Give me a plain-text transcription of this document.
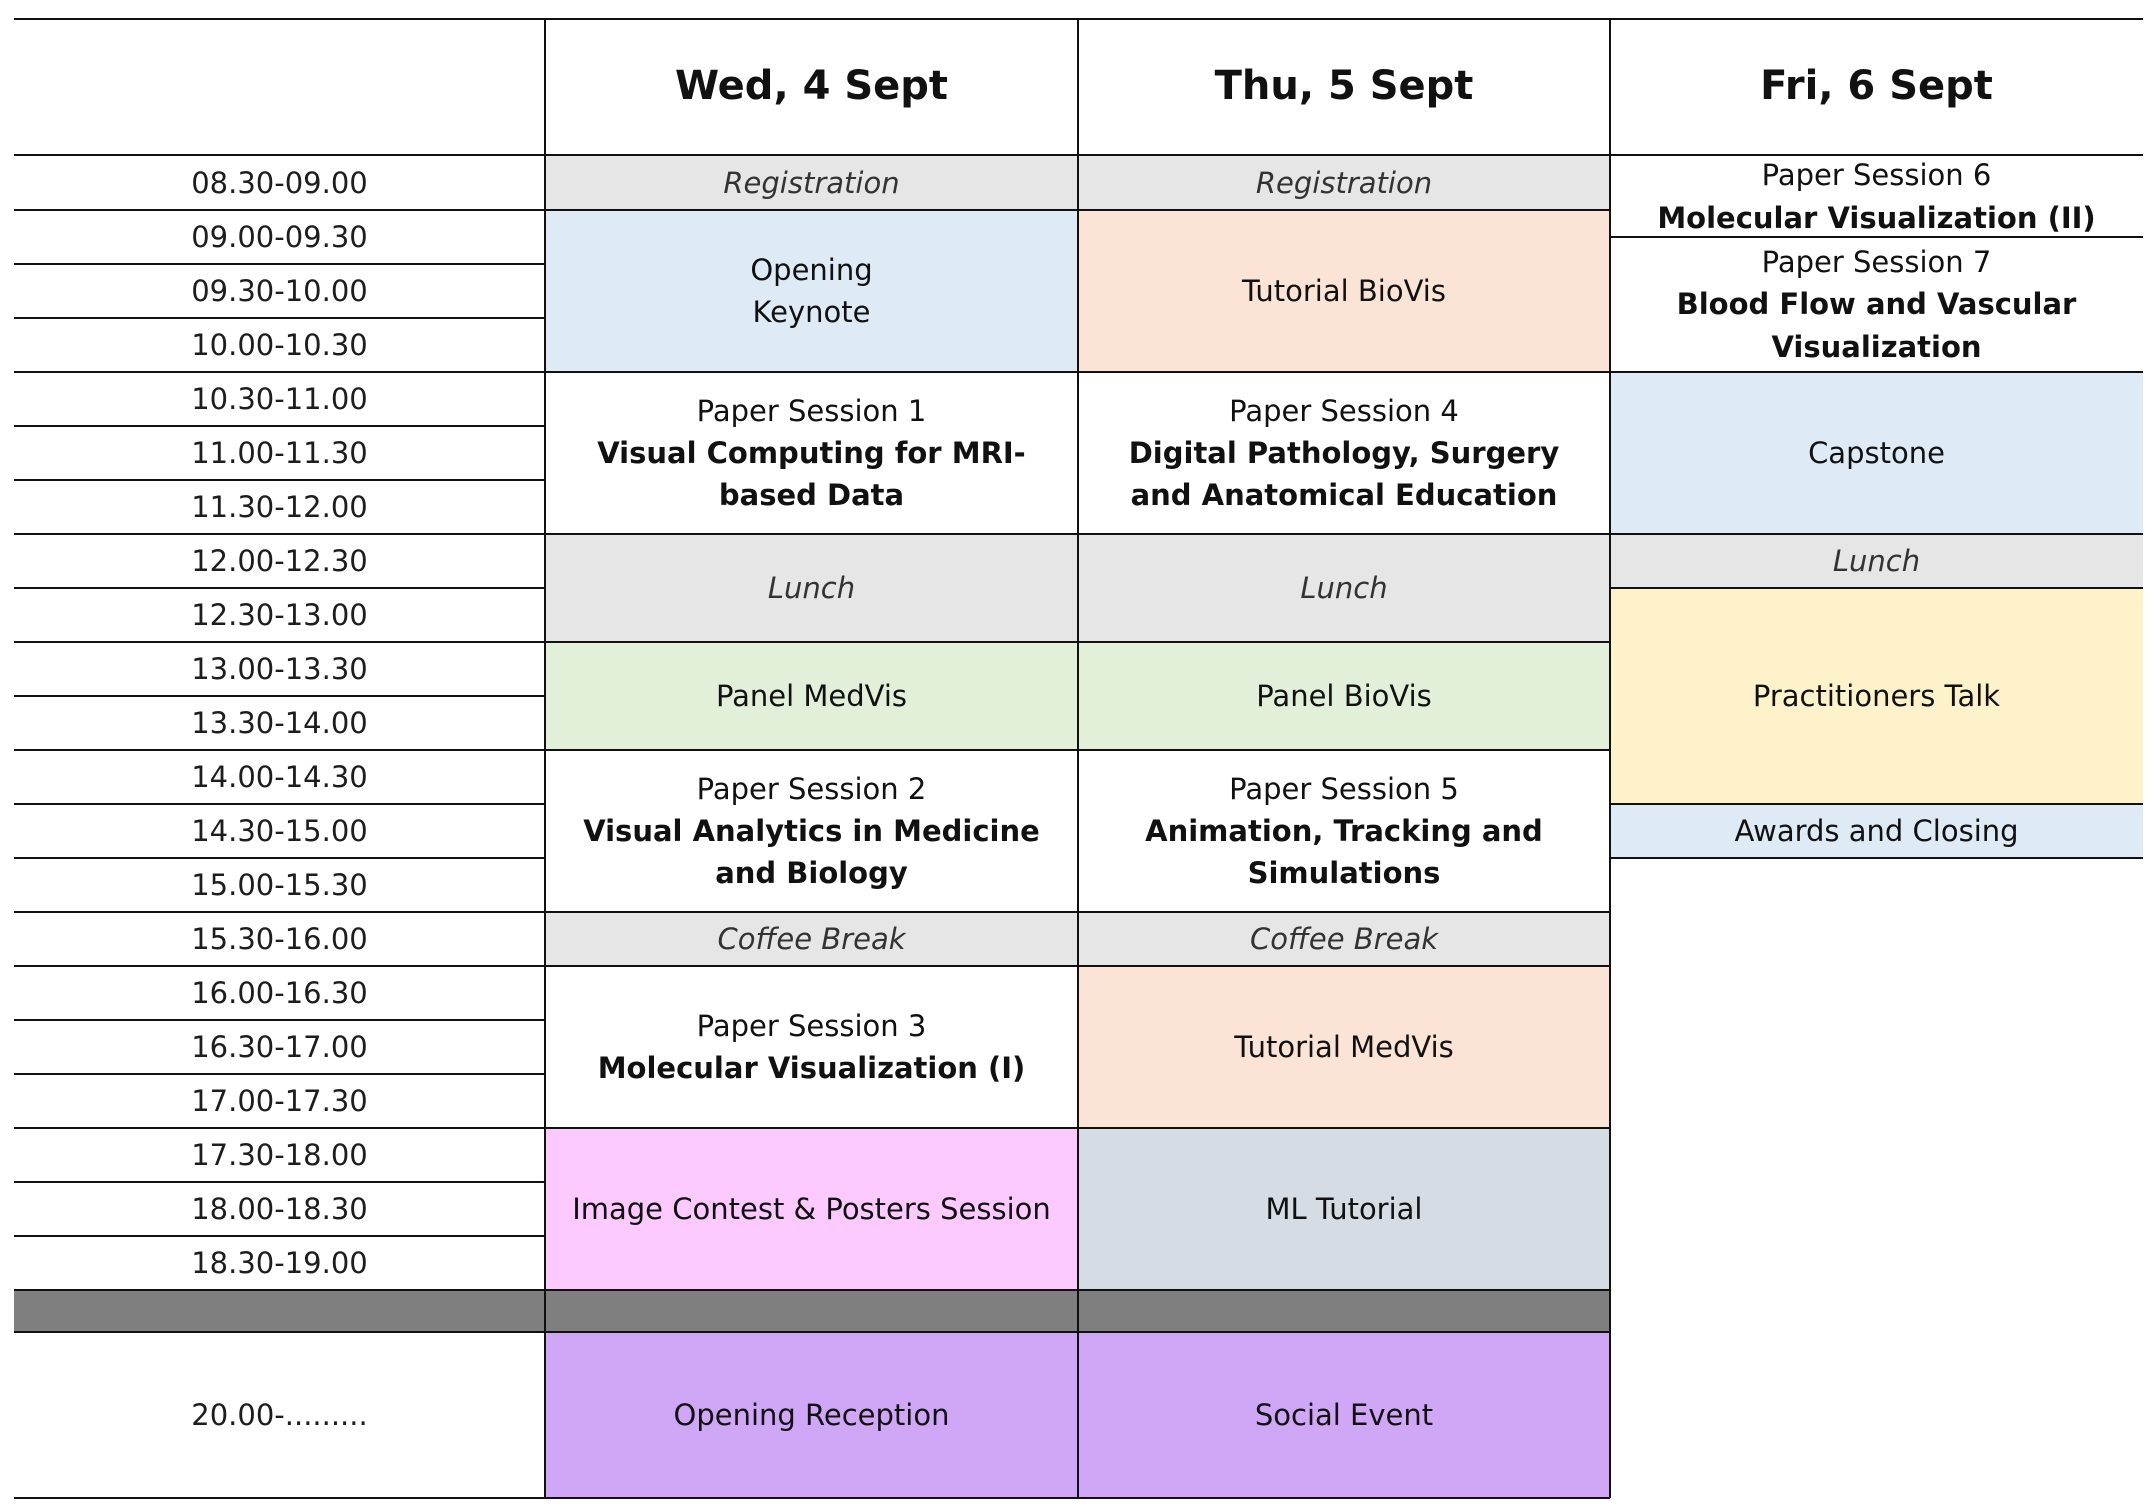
Wed, 4 Sept	Thu, 5 Sept	Fri, 6 Sept
08.30-09.00
09.00-09.30
09.30-10.00
10.00-10.30
10.30-11.00
11.00-11.30
11.30-12.00
12.00-12.30
12.30-13.00
13.00-13.30
13.30-14.00
14.00-14.30
14.30-15.00
15.00-15.30
15.30-16.00
16.00-16.30
16.30-17.00
17.00-17.30
17.30-18.00
18.00-18.30
18.30-19.00
20.00-.........
Registration
Opening
Keynote
Paper Session 1
Visual Computing for MRI-based Data
Lunch
Panel MedVis
Paper Session 2
Visual Analytics in Medicine and Biology
Coffee Break
Paper Session 3
Molecular Visualization (I)
Image Contest & Posters Session
Opening Reception
Registration
Tutorial BioVis
Paper Session 4
Digital Pathology, Surgery and Anatomical Education
Lunch
Panel BioVis
Paper Session 5
Animation, Tracking and Simulations
Coffee Break
Tutorial MedVis
ML Tutorial
Social Event
Paper Session 6
Molecular Visualization (II)
Paper Session 7
Blood Flow and Vascular Visualization
Capstone
Lunch
Practitioners Talk
Awards and Closing
